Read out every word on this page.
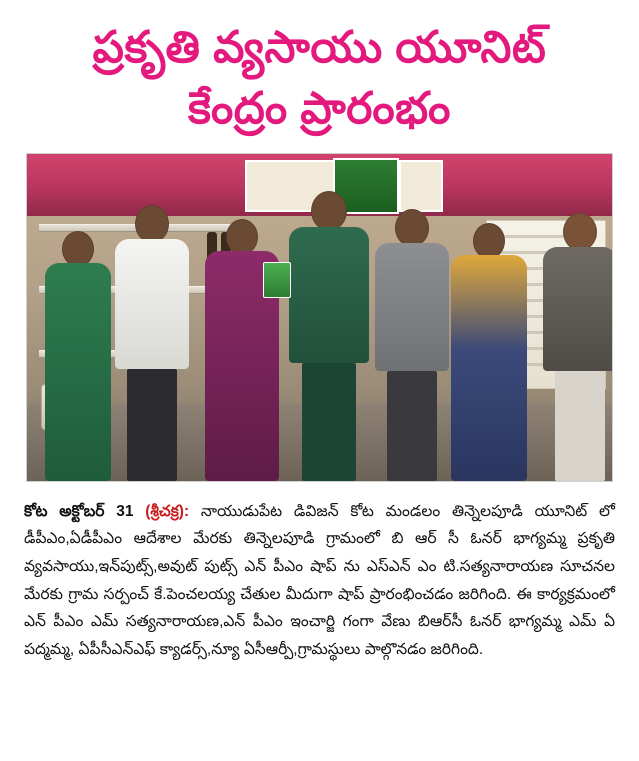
ప్రకృతి వ్యసాయు యూనిట్
కేంద్రం ప్రారంభం

కోట అక్టోబర్ 31 (శ్రీచక్ర): నాయుడుపేట డివిజన్ కోట మండలం తిన్నెలపూడి యూనిట్ లో డీపీఎం,ఏడీపీఎం ఆదేశాల మేరకు తిన్నెలపూడి గ్రామంలో బి ఆర్ సీ ఓనర్ భాగ్యమ్మ ప్రకృతి వ్యవసాయు,ఇన్‌పుట్స్,అవుట్ పుట్స్ ఎన్ పీఎం షాప్ ను ఎస్‌ఎన్ ఎం టి.సత్యనారాయణ సూచనల మేరకు గ్రామ సర్పంచ్ కే.పెంచలయ్య చేతుల మీదుగా షాప్ ప్రారంభించడం జరిగింది. ఈ కార్యక్రమంలో ఎన్ పీఎం ఎమ్ సత్యనారాయణ,ఎన్ పీఎం ఇంచార్జి గంగా వేణు బిఆర్‌సీ ఓనర్ భాగ్యమ్మ ఎమ్ ఏ పద్మమ్మ, ఏపీసీఎన్‌ఎఫ్ క్యాడర్స్,న్యూ ఏసీఆర్పీ,గ్రామస్థులు పాల్గొనడం జరిగింది.
